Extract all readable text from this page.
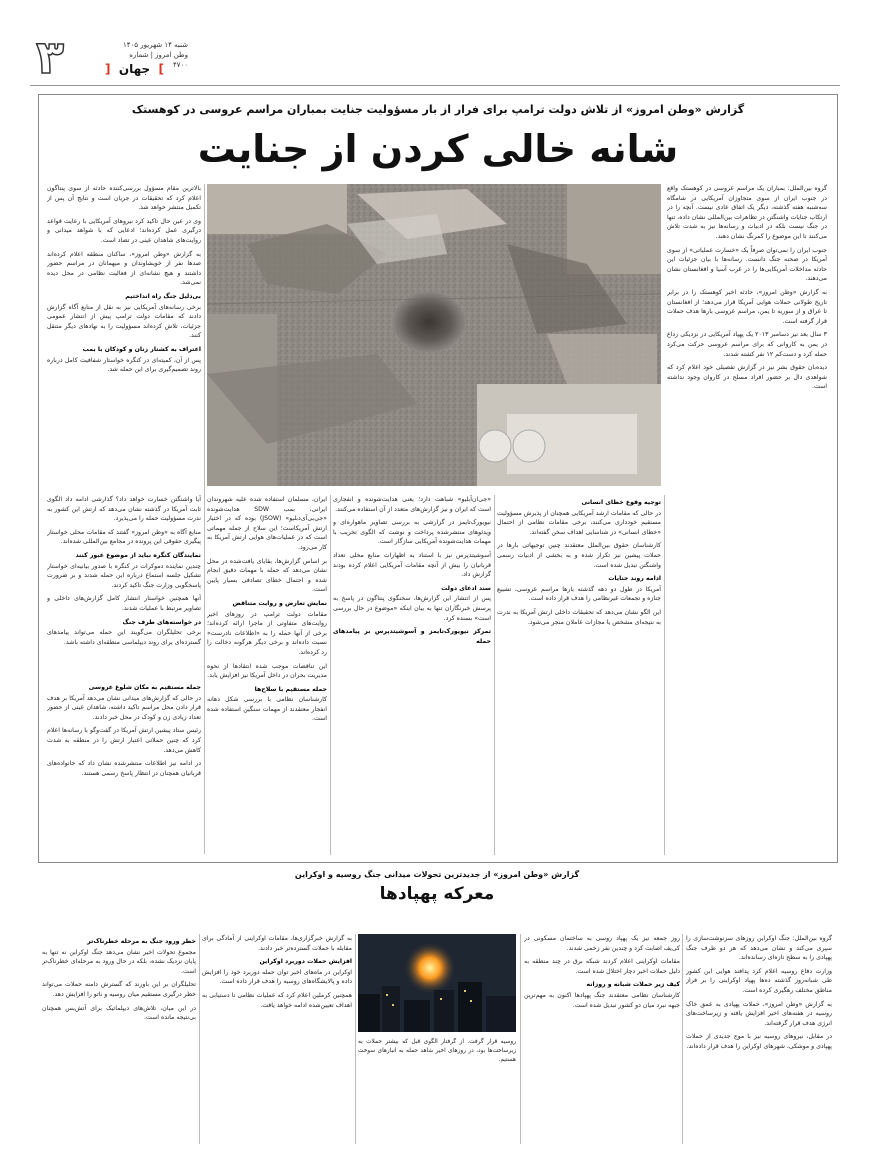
۳	شنبه ۱۴ شهریور ۱۴۰۵
وطن امروز | شماره ۴۷۰۰
]  جهان  [
گزارش «وطن امروز» از تلاش دولت ترامپ برای فرار از بار مسؤولیت جنایت بمباران مراسم عروسی در کوهستک
شانه خالی کردن از جنایت

گروه بین‌الملل: بمباران یک مراسم عروسی در کوهستک واقع در جنوب ایران از سوی متجاوزان آمریکایی در شامگاه سه‌شنبه هفته گذشته، دیگر یک اتفاق عادی نیست. آنچه را در ارتکاب جنایات واشنگتن در تظاهرات بین‌المللی نشان داده، تنها در جنگ نیست بلکه در ادبیات و رسانه‌ها نیز به شدت تلاش می‌کنند تا این موضوع را کمرنگ نشان دهند.

جنوب ایران را نمی‌توان صرفاً یک «خسارت عملیاتی» از سوی آمریکا در صحنه جنگ دانست. رسانه‌ها با بیان جزئیات این حادثه مداخلات آمریکایی‌ها را در غرب آسیا و افغانستان نشان می‌دهند.

به گزارش «وطن امروز»، حادثه اخیر کوهستک را در برابر تاریخ طولانی حملات هوایی آمریکا قرار می‌دهد؛ از افغانستان تا عراق و از سوریه تا یمن، مراسم عروسی بارها هدف حملات قرار گرفته است.

۳ سال بعد نیز دسامبر ۲۰۱۳ یک پهپاد آمریکایی در نزدیکی رداع در یمن به کاروانی که برای مراسم عروسی حرکت می‌کرد حمله کرد و دست‌کم ۱۲ نفر کشته شدند.

دیده‌بان حقوق بشر نیز در گزارش تفصیلی خود اعلام کرد که شواهدی دال بر حضور افراد مسلح در کاروان وجود نداشته است.

بالاترین مقام مسؤول بررسی‌کننده حادثه از سوی پنتاگون اعلام کرد که تحقیقات در جریان است و نتایج آن پس از تکمیل منتشر خواهد شد.

وی در عین حال تاکید کرد نیروهای آمریکایی با رعایت قواعد درگیری عمل کرده‌اند؛ ادعایی که با شواهد میدانی و روایت‌های شاهدان عینی در تضاد است.

به گزارش «وطن امروز»، ساکنان منطقه اعلام کرده‌اند صدها نفر از خویشاوندان و میهمانان در مراسم حضور داشتند و هیچ نشانه‌ای از فعالیت نظامی در محل دیده نمی‌شد.

بی‌دلیل جنگ راه انداختیم

برخی رسانه‌های آمریکایی نیز به نقل از منابع آگاه گزارش دادند که مقامات دولت ترامپ پیش از انتشار عمومی جزئیات، تلاش کرده‌اند مسؤولیت را به نهادهای دیگر منتقل کنند.

اعتراف به کشتار زنان و کودکان با بمب

پس از آن، کمیته‌ای در کنگره خواستار شفافیت کامل درباره روند تصمیم‌گیری برای این حمله شد.

توجیه وقوع خطای انسانی

در حالی که مقامات ارشد آمریکایی همچنان از پذیرش مسؤولیت مستقیم خودداری می‌کنند، برخی مقامات نظامی از احتمال «خطای انسانی» در شناسایی اهداف سخن گفته‌اند.

کارشناسان حقوق بین‌الملل معتقدند چنین توجیهاتی بارها در حملات پیشین نیز تکرار شده و به بخشی از ادبیات رسمی واشنگتن تبدیل شده است.

ادامه روند جنایات

آمریکا در طول دو دهه گذشته بارها مراسم عروسی، تشییع جنازه و تجمعات غیرنظامی را هدف قرار داده است.

این الگو نشان می‌دهد که تحقیقات داخلی ارتش آمریکا به ندرت به نتیجه‌ای مشخص یا مجازات عاملان منجر می‌شود.

«جی‌ان‌اُبلیو» شباهت دارد؛ یعنی هدایت‌شونده و انفجاری است که ایران و نیز گزارش‌های متعدد از آن استفاده می‌کنند.

نیویورک‌تایمز در گزارشی به بررسی تصاویر ماهواره‌ای و ویدئوهای منتشرشده پرداخت و نوشت که الگوی تخریب با مهمات هدایت‌شونده آمریکایی سازگار است.

آسوشیتدپرس نیز با استناد به اظهارات منابع محلی تعداد قربانیان را بیش از آنچه مقامات آمریکایی اعلام کرده بودند گزارش داد.

سند ادعای دولت

پس از انتشار این گزارش‌ها، سخنگوی پنتاگون در پاسخ به پرسش خبرنگاران تنها به بیان اینکه «موضوع در حال بررسی است» بسنده کرد.

تمرکز نیویورک‌تایمز و آسوشیتدپرس بر پیامدهای حمله

ایران، مسلمان استفاده شده علیه شهروندان ایرانی، بمب SDW هدایت‌شونده «جی‌بی‌آی‌دبلیو» (JSOW) بوده که در اختیار ارتش آمریکاست؛ این سلاح از جمله مهماتی است که در عملیات‌های هوایی ارتش آمریکا به کار می‌رود.

بر اساس گزارش‌ها، بقایای یافت‌شده در محل نشان می‌دهد که حمله با مهمات دقیق انجام شده و احتمال خطای تصادفی بسیار پایین است.

نمایش تعارض و روایت متناقض

مقامات دولت ترامپ در روزهای اخیر روایت‌های متفاوتی از ماجرا ارائه کرده‌اند؛ برخی از آنها حمله را به «اطلاعات نادرست» نسبت داده‌اند و برخی دیگر هرگونه دخالت را رد کرده‌اند.

این تناقضات موجب شده انتقادها از نحوه مدیریت بحران در داخل آمریکا نیز افزایش یابد.

حمله مستقیم با سلاح‌ها

کارشناسان نظامی با بررسی شکل دهانه انفجار معتقدند از مهمات سنگین استفاده شده است.

آیا واشنگتن خسارت خواهد داد؟ گذارشی ادامه داد الگوی ثابت آمریکا در گذشته نشان می‌دهد که ارتش این کشور به ندرت مسؤولیت حمله را می‌پذیرد.

منابع آگاه به «وطن امروز» گفتند که مقامات محلی خواستار پیگیری حقوقی این پرونده در مجامع بین‌المللی شده‌اند.

نمایندگان کنگره نباید از موضوع عبور کنند

چندین نماینده دموکرات در کنگره با صدور بیانیه‌ای خواستار تشکیل جلسه استماع درباره این حمله شدند و بر ضرورت پاسخگویی وزارت جنگ تاکید کردند.

آنها همچنین خواستار انتشار کامل گزارش‌های داخلی و تصاویر مرتبط با عملیات شدند.

در خواسته‌های طرف جنگ

برخی تحلیلگران می‌گویند این حمله می‌تواند پیامدهای گسترده‌ای برای روند دیپلماسی منطقه‌ای داشته باشد.

حمله مستقیم به مکان شلوغ عروسی

در حالی که گزارش‌های میدانی نشان می‌دهد آمریکا بر هدف قرار دادن محل مراسم تاکید داشته، شاهدان عینی از حضور تعداد زیادی زن و کودک در محل خبر دادند.

رئیس ستاد پیشین ارتش آمریکا در گفت‌وگو با رسانه‌ها اعلام کرد که چنین حملاتی اعتبار ارتش را در منطقه به شدت کاهش می‌دهد.

در ادامه نیز اطلاعات منتشرشده نشان داد که خانواده‌های قربانیان همچنان در انتظار پاسخ رسمی هستند.

گزارش «وطن امروز» از جدیدترین تحولات میدانی جنگ روسیه و اوکراین
معرکه پهپادها

گروه بین‌الملل: جنگ اوکراین روزهای سرنوشت‌سازی را سپری می‌کند و نشان می‌دهد که هر دو طرف جنگ پهپادی را به سطح تازه‌ای رسانده‌اند.

وزارت دفاع روسیه اعلام کرد پدافند هوایی این کشور طی شبانه‌روز گذشته ده‌ها پهپاد اوکراینی را بر فراز مناطق مختلف رهگیری کرده است.

به گزارش «وطن امروز»، حملات پهپادی به عمق خاک روسیه در هفته‌های اخیر افزایش یافته و زیرساخت‌های انرژی هدف قرار گرفته‌اند.

در مقابل، نیروهای روسیه نیز با موج جدیدی از حملات پهپادی و موشکی، شهرهای اوکراین را هدف قرار داده‌اند.

روز جمعه نیز یک پهپاد روسی به ساختمان مسکونی در کی‌یف اصابت کرد و چندین نفر زخمی شدند.

مقامات اوکراینی اعلام کردند شبکه برق در چند منطقه به دلیل حملات اخیر دچار اختلال شده است.

کیف زیر حملات شبانه و روزانه

کارشناسان نظامی معتقدند جنگ پهپادها اکنون به مهم‌ترین جبهه نبرد میان دو کشور تبدیل شده است.

روسیه قرار گرفت. از گرفتار الگوی قبل که بیشتر حملات به زیرساخت‌ها بود، در روزهای اخیر شاهد حمله به انبارهای سوخت هستیم.

به گزارش خبرگزاری‌ها، مقامات اوکراینی از آمادگی برای مقابله با حملات گسترده‌تر خبر دادند.

افزایش حملات دوربرد اوکراین

اوکراین در ماه‌های اخیر توان حمله دوربرد خود را افزایش داده و پالایشگاه‌های روسیه را هدف قرار داده است.

همچنین کرملین اعلام کرد که عملیات نظامی تا دستیابی به اهداف تعیین‌شده ادامه خواهد یافت.

خطر ورود جنگ به مرحله خطرناک‌تر

مجموع تحولات اخیر نشان می‌دهد جنگ اوکراین نه تنها به پایان نزدیک نشده، بلکه در حال ورود به مرحله‌ای خطرناک‌تر است.

تحلیلگران بر این باورند که گسترش دامنه حملات می‌تواند خطر درگیری مستقیم میان روسیه و ناتو را افزایش دهد.

در این میان، تلاش‌های دیپلماتیک برای آتش‌بس همچنان بی‌نتیجه مانده است.
